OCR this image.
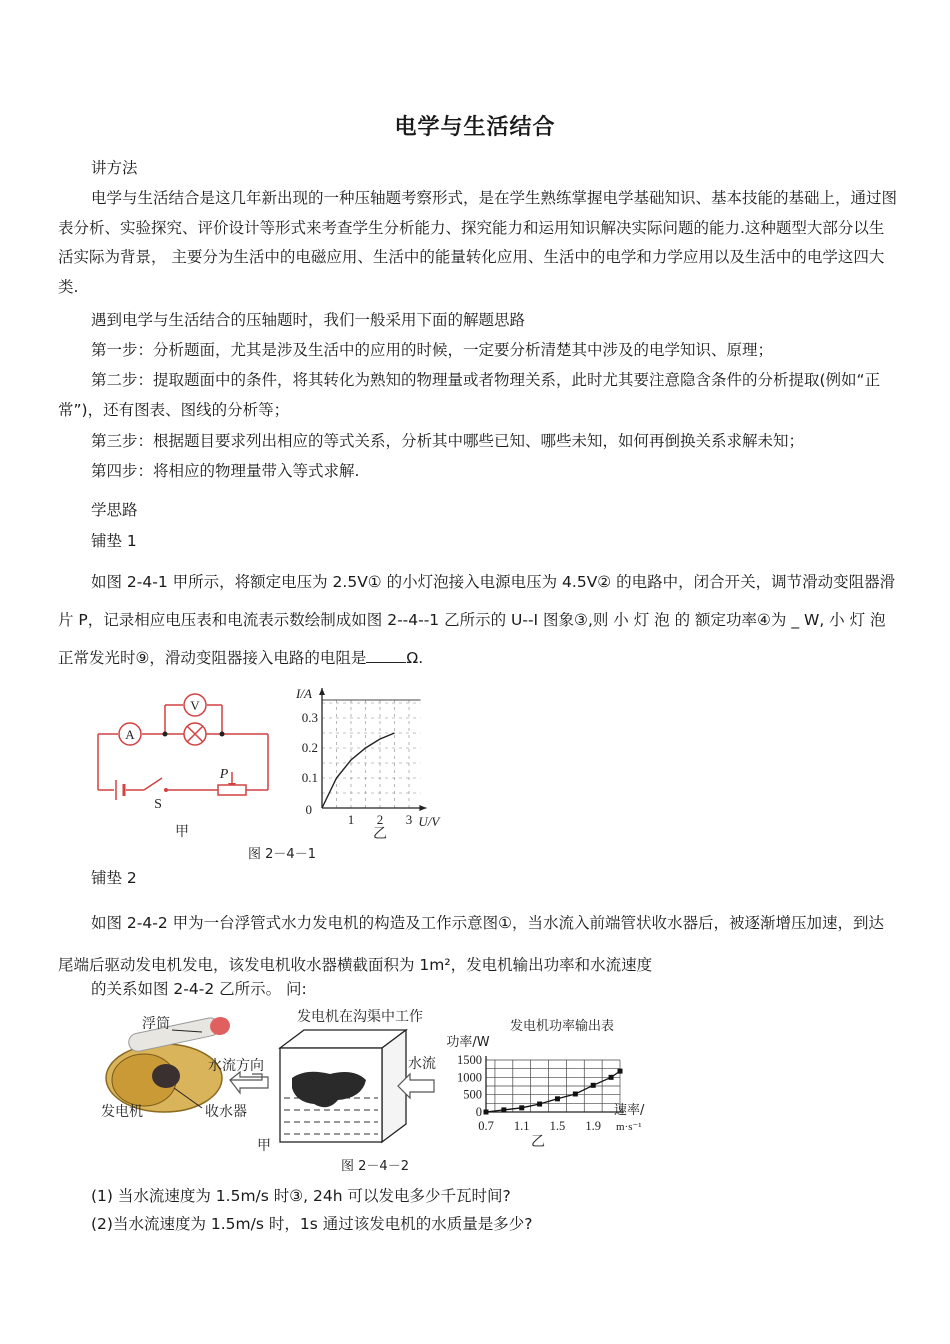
电学与生活结合

讲方法

电学与生活结合是这几年新出现的一种压轴题考察形式，是在学生熟练掌握电学基础知识、基本技能的基础上，通过图表分析、实验探究、评价设计等形式来考查学生分析能力、探究能力和运用知识解决实际问题的能力.这种题型大部分以生活实际为背景， 主要分为生活中的电磁应用、生活中的能量转化应用、生活中的电学和力学应用以及生活中的电学这四大类.

遇到电学与生活结合的压轴题时，我们一般采用下面的解题思路

第一步：分析题面，尤其是涉及生活中的应用的时候，一定要分析清楚其中涉及的电学知识、原理；

第二步：提取题面中的条件，将其转化为熟知的物理量或者物理关系，此时尤其要注意隐含条件的分析提取(例如“正常”)，还有图表、图线的分析等；

第三步：根据题目要求列出相应的等式关系，分析其中哪些已知、哪些未知，如何再倒换关系求解未知；

第四步：将相应的物理量带入等式求解.

学思路

铺垫 1

如图 2-4-1 甲所示，将额定电压为 2.5V① 的小灯泡接入电源电压为 4.5V② 的电路中，闭合开关，调节滑动变阻器滑片 P，记录相应电压表和电流表示数绘制成如图 2--4--1 乙所示的 U--I 图象③,则 小 灯 泡 的 额定功率④为 _ W, 小 灯 泡正常发光时⑨，滑动变阻器接入电路的电阻是	Ω.

A
V
S
P
甲
1 2 3
0.1
0.2
0.3
0
U/V
I/A
乙
图 2－4－1

铺垫 2

如图 2-4-2 甲为一台浮管式水力发电机的构造及工作示意图①，当水流入前端管状收水器后，被逐渐增压加速，到达尾端后驱动发电机发电，该发电机收水器横截面积为 1m²，发电机输出功率和水流速度

的关系如图 2-4-2 乙所示。 问:

浮筒
水流方向
发电机	收水器
甲
发电机在沟渠中工作
水流
发电机功率输出表
功率/W
0
500
1000
1500
0.7 1.1 1.5 1.9
速率/
m·s⁻¹
乙
图 2－4－2

(1) 当水流速度为 1.5m/s 时③, 24h 可以发电多少千瓦时间?

(2)当水流速度为 1.5m/s 时，1s 通过该发电机的水质量是多少?
